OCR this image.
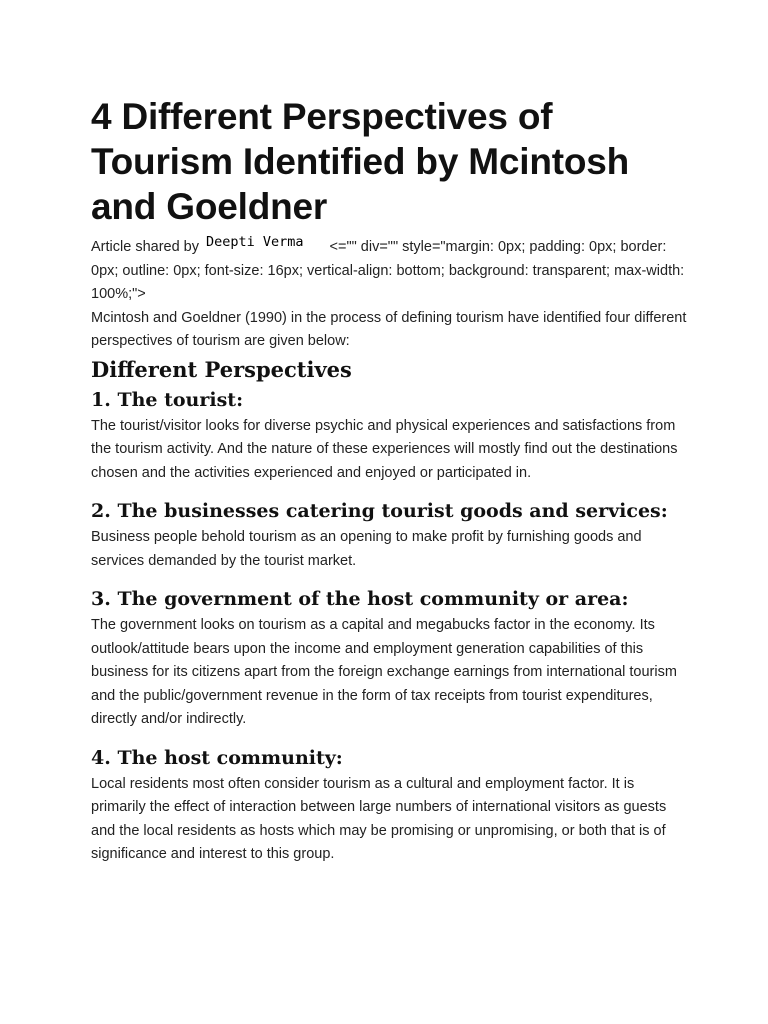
4 Different Perspectives of Tourism Identified by Mcintosh and Goeldner

Article shared by Deepti Verma <="" div="" style="margin: 0px; padding: 0px; border: 0px; outline: 0px; font-size: 16px; vertical-align: bottom; background: transparent; max-width: 100%;">

Mcintosh and Goeldner (1990) in the process of defining tourism have identified four different perspectives of tourism are given below:

Different Perspectives
1. The tourist:

The tourist/visitor looks for diverse psychic and physical experiences and satisfactions from the tourism activity. And the nature of these experiences will mostly find out the destinations chosen and the activities experienced and enjoyed or participated in.

2. The businesses catering tourist goods and services:

Business people behold tourism as an opening to make profit by furnishing goods and services demanded by the tourist market.

3. The government of the host community or area:

The government looks on tourism as a capital and megabucks factor in the economy. Its outlook/attitude bears upon the income and employment generation capabilities of this business for its citizens apart from the foreign exchange earnings from international tourism and the public/government revenue in the form of tax receipts from tourist expenditures, directly and/or indirectly.

4. The host community:

Local residents most often consider tourism as a cultural and employment factor. It is primarily the effect of interaction between large numbers of international visitors as guests and the local residents as hosts which may be promising or unpromising, or both that is of significance and interest to this group.
